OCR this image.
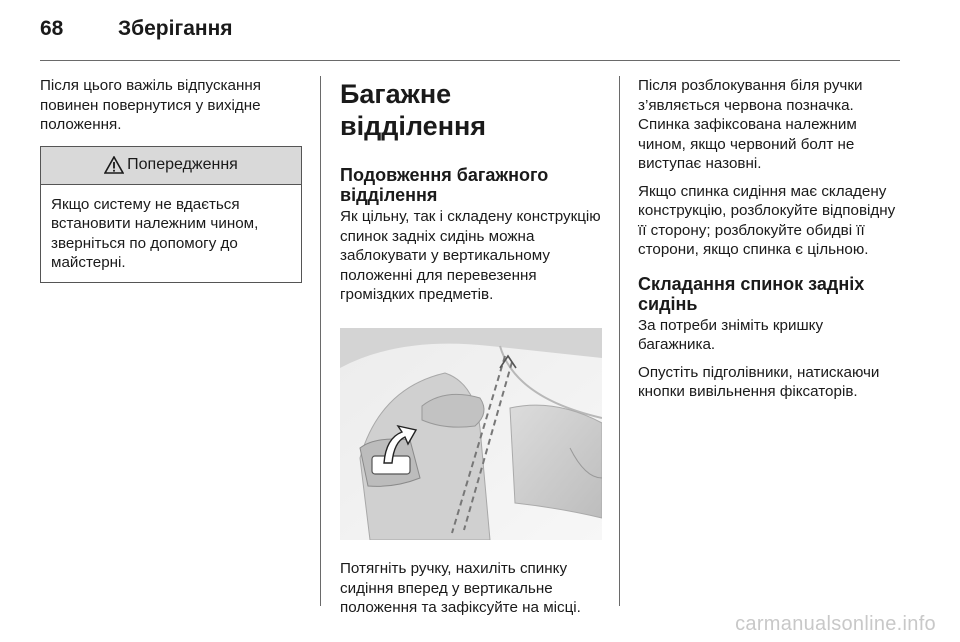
68	Зберігання

Після цього важіль відпускання повинен повернутися у вихідне положення.

Попередження
Якщо систему не вдається встановити належним чином, зверніться по допомогу до майстерні.
Багажне відділення
Подовження багажного відділення

Як цільну, так і складену конструкцію спинок задніх сидінь можна заблокувати у вертикальному положенні для перевезення громіздких предметів.

Потягніть ручку, нахиліть спинку сидіння вперед у вертикальне положення та зафіксуйте на місці.

Після розблокування біля ручки з’являється червона позначка. Спинка зафіксована належним чином, якщо червоний болт не виступає назовні.

Якщо спинка сидіння має складену конструкцію, розблокуйте відповідну її сторону; розблокуйте обидві її сторони, якщо спинка є цільною.

Складання спинок задніх сидінь

За потреби зніміть кришку багажника.

Опустіть підголівники, натискаючи кнопки вивільнення фіксаторів.

carmanualsonline.info
